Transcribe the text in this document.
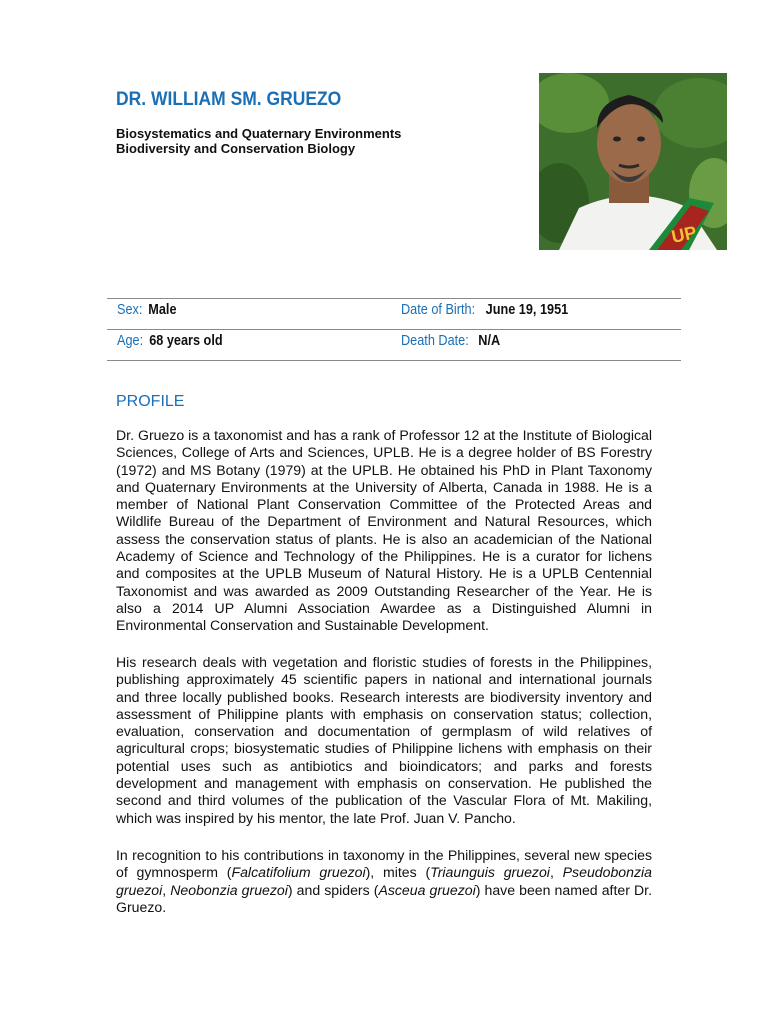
DR. WILLIAM SM. GRUEZO
Biosystematics and Quaternary Environments
Biodiversity and Conservation Biology
UP
Sex: Male	Date of Birth: June 19, 1951
Age: 68 years old	Death Date: N/A
PROFILE
Dr. Gruezo is a taxonomist and has a rank of Professor 12 at the Institute of Biological Sciences, College of Arts and Sciences, UPLB. He is a degree holder of BS Forestry (1972) and MS Botany (1979) at the UPLB. He obtained his PhD in Plant Taxonomy and Quaternary Environments at the University of Alberta, Canada in 1988. He is a member of National Plant Conservation Committee of the Protected Areas and Wildlife Bureau of the Department of Environment and Natural Resources, which assess the conservation status of plants. He is also an academician of the National Academy of Science and Technology of the Philippines. He is a curator for lichens and composites at the UPLB Museum of Natural History. He is a UPLB Centennial Taxonomist and was awarded as 2009 Outstanding Researcher of the Year. He is also a 2014 UP Alumni Association Awardee as a Distinguished Alumni in Environmental Conservation and Sustainable Development.
His research deals with vegetation and floristic studies of forests in the Philippines, publishing approximately 45 scientific papers in national and international journals and three locally published books. Research interests are biodiversity inventory and assessment of Philippine plants with emphasis on conservation status; collection, evaluation, conservation and documentation of germplasm of wild relatives of agricultural crops; biosystematic studies of Philippine lichens with emphasis on their potential uses such as antibiotics and bioindicators; and parks and forests development and management with emphasis on conservation. He published the second and third volumes of the publication of the Vascular Flora of Mt. Makiling, which was inspired by his mentor, the late Prof. Juan V. Pancho.
In recognition to his contributions in taxonomy in the Philippines, several new species of gymnosperm (Falcatifolium gruezoi), mites (Triaunguis gruezoi, Pseudobonzia gruezoi, Neobonzia gruezoi) and spiders (Asceua gruezoi) have been named after Dr. Gruezo.
